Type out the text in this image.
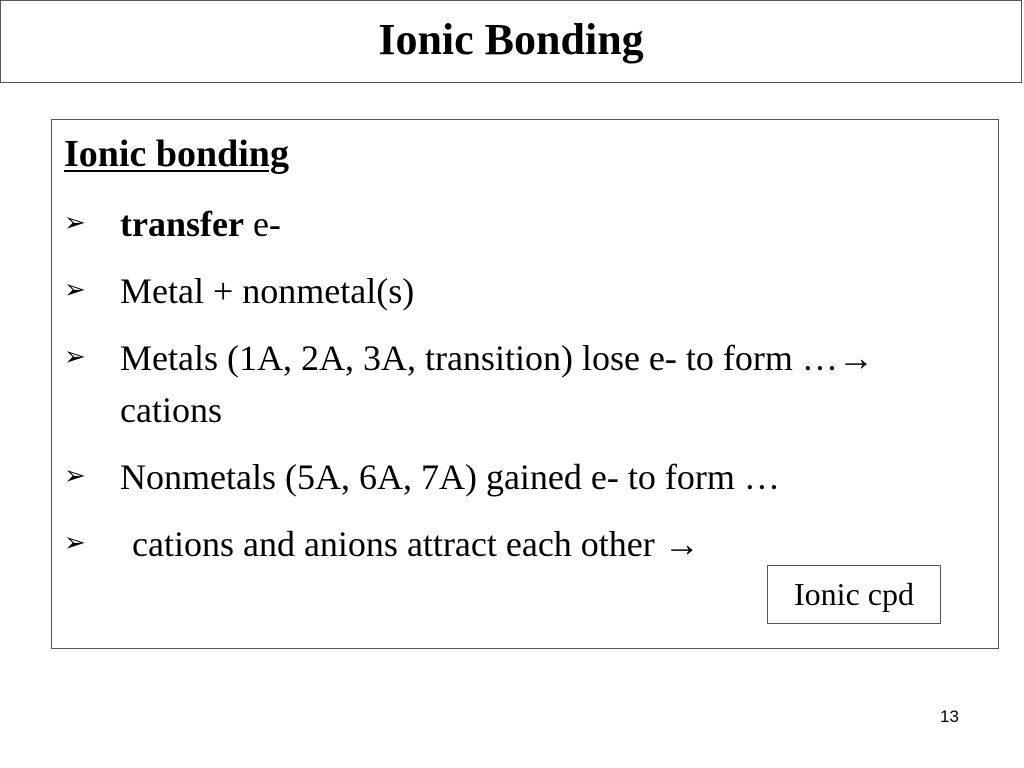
Ionic Bonding
Ionic bonding
➢
transfer e-
➢
Metal + nonmetal(s)
➢
Metals (1A, 2A, 3A, transition) lose e- to form …→ cations
➢
Nonmetals (5A, 6A, 7A) gained e- to form …
➢
cations and anions attract each other →
Ionic cpd
13
